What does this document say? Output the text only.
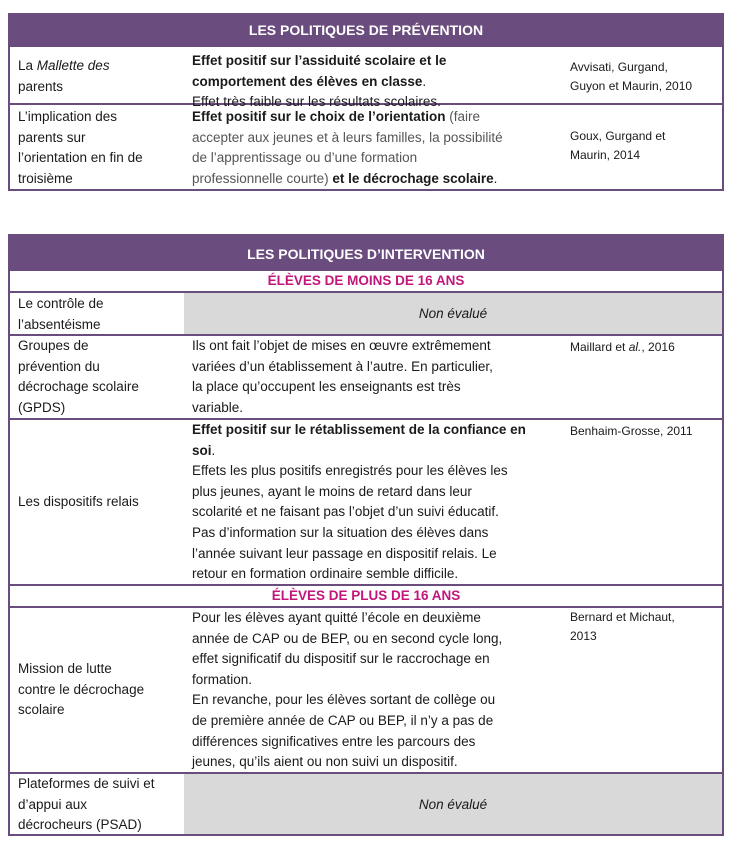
LES POLITIQUES DE PRÉVENTION
La Mallette des
parents
Effet positif sur l’assiduité scolaire et le
comportement des élèves en classe.
Effet très faible sur les résultats scolaires.
Avvisati, Gurgand,
Guyon et Maurin, 2010
L’implication des
parents sur
l’orientation en fin de
troisième
Effet positif sur le choix de l’orientation (faire
accepter aux jeunes et à leurs familles, la possibilité
de l’apprentissage ou d’une formation
professionnelle courte) et le décrochage scolaire.
Goux, Gurgand et
Maurin, 2014
LES POLITIQUES D’INTERVENTION
ÉLÈVES DE MOINS DE 16 ANS
Le contrôle de
l’absentéisme
Non évalué
Groupes de
prévention du
décrochage scolaire
(GPDS)
Ils ont fait l’objet de mises en œuvre extrêmement
variées d’un établissement à l’autre. En particulier,
la place qu’occupent les enseignants est très
variable.
Maillard et al., 2016
Les dispositifs relais
Effet positif sur le rétablissement de la confiance en
soi.
Effets les plus positifs enregistrés pour les élèves les
plus jeunes, ayant le moins de retard dans leur
scolarité et ne faisant pas l’objet d’un suivi éducatif.
Pas d’information sur la situation des élèves dans
l’année suivant leur passage en dispositif relais. Le
retour en formation ordinaire semble difficile.
Benhaim-Grosse, 2011
ÉLÈVES DE PLUS DE 16 ANS
Mission de lutte
contre le décrochage
scolaire
Pour les élèves ayant quitté l’école en deuxième
année de CAP ou de BEP, ou en second cycle long,
effet significatif du dispositif sur le raccrochage en
formation.
En revanche, pour les élèves sortant de collège ou
de première année de CAP ou BEP, il n’y a pas de
différences significatives entre les parcours des
jeunes, qu’ils aient ou non suivi un dispositif.
Bernard et Michaut,
2013
Plateformes de suivi et
d’appui aux
décrocheurs (PSAD)
Non évalué
